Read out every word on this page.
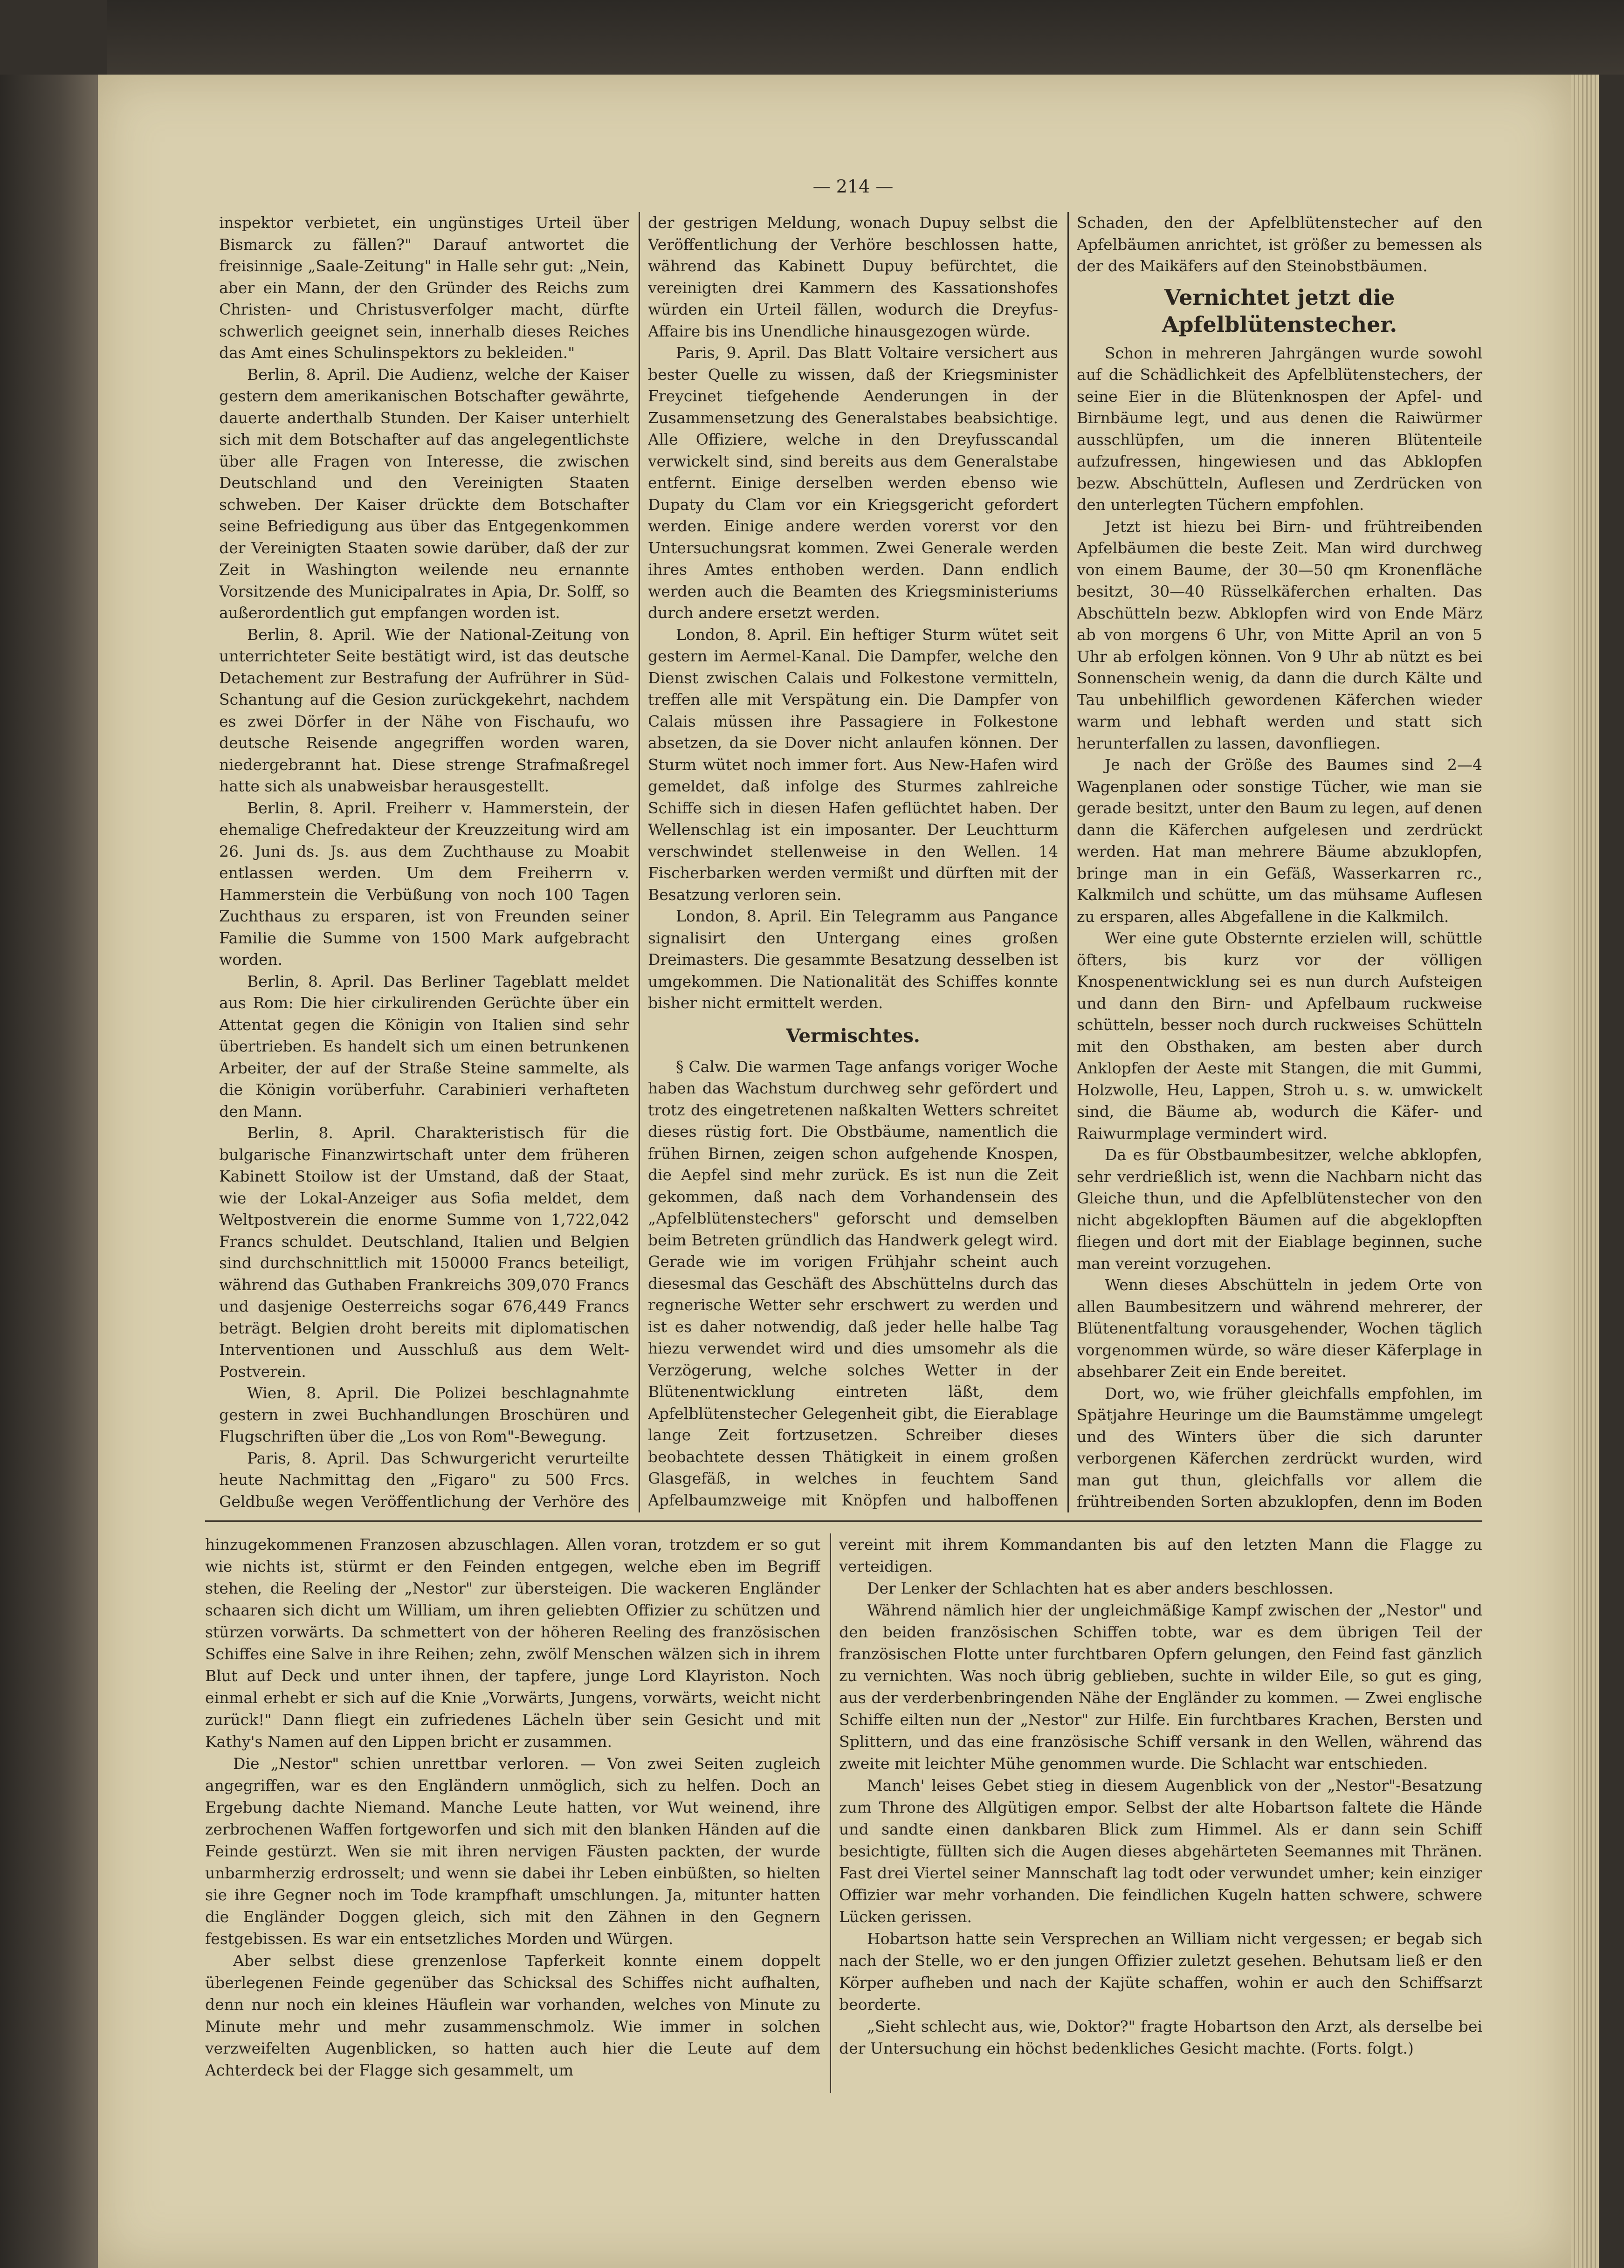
— 214 —

inspektor verbietet, ein ungünstiges Urteil über Bismarck zu fällen?" Darauf antwortet die freisinnige „Saale-Zeitung" in Halle sehr gut: „Nein, aber ein Mann, der den Gründer des Reichs zum Christen- und Christusverfolger macht, dürfte schwerlich geeignet sein, innerhalb dieses Reiches das Amt eines Schulinspektors zu bekleiden."

Berlin, 8. April. Die Audienz, welche der Kaiser gestern dem amerikanischen Botschafter gewährte, dauerte anderthalb Stunden. Der Kaiser unterhielt sich mit dem Botschafter auf das angelegentlichste über alle Fragen von Interesse, die zwischen Deutschland und den Vereinigten Staaten schweben. Der Kaiser drückte dem Botschafter seine Befriedigung aus über das Entgegenkommen der Vereinigten Staaten sowie darüber, daß der zur Zeit in Washington weilende neu ernannte Vorsitzende des Municipalrates in Apia, Dr. Solff, so außerordentlich gut empfangen worden ist.

Berlin, 8. April. Wie der National-Zeitung von unterrichteter Seite bestätigt wird, ist das deutsche Detachement zur Bestrafung der Aufrührer in Süd-Schantung auf die Gesion zurückgekehrt, nachdem es zwei Dörfer in der Nähe von Fischaufu, wo deutsche Reisende angegriffen worden waren, niedergebrannt hat. Diese strenge Strafmaßregel hatte sich als unabweisbar herausgestellt.

Berlin, 8. April. Freiherr v. Hammerstein, der ehemalige Chefredakteur der Kreuzzeitung wird am 26. Juni ds. Js. aus dem Zuchthause zu Moabit entlassen werden. Um dem Freiherrn v. Hammerstein die Verbüßung von noch 100 Tagen Zuchthaus zu ersparen, ist von Freunden seiner Familie die Summe von 1500 Mark aufgebracht worden.

Berlin, 8. April. Das Berliner Tageblatt meldet aus Rom: Die hier cirkulirenden Gerüchte über ein Attentat gegen die Königin von Italien sind sehr übertrieben. Es handelt sich um einen betrunkenen Arbeiter, der auf der Straße Steine sammelte, als die Königin vorüberfuhr. Carabinieri verhafteten den Mann.

Berlin, 8. April. Charakteristisch für die bulgarische Finanzwirtschaft unter dem früheren Kabinett Stoilow ist der Umstand, daß der Staat, wie der Lokal-Anzeiger aus Sofia meldet, dem Weltpostverein die enorme Summe von 1,722,042 Francs schuldet. Deutschland, Italien und Belgien sind durchschnittlich mit 150000 Francs beteiligt, während das Guthaben Frankreichs 309,070 Francs und dasjenige Oesterreichs sogar 676,449 Francs beträgt. Belgien droht bereits mit diplomatischen Interventionen und Ausschluß aus dem Welt-Postverein.

Wien, 8. April. Die Polizei beschlagnahmte gestern in zwei Buchhandlungen Broschüren und Flugschriften über die „Los von Rom"-Bewegung.

Paris, 8. April. Das Schwurgericht verurteilte heute Nachmittag den „Figaro" zu 500 Frcs. Geldbuße wegen Veröffentlichung der Verhöre des

der gestrigen Meldung, wonach Dupuy selbst die Veröffentlichung der Verhöre beschlossen hatte, während das Kabinett Dupuy befürchtet, die vereinigten drei Kammern des Kassationshofes würden ein Urteil fällen, wodurch die Dreyfus-Affaire bis ins Unendliche hinausgezogen würde.

Paris, 9. April. Das Blatt Voltaire versichert aus bester Quelle zu wissen, daß der Kriegsminister Freycinet tiefgehende Aenderungen in der Zusammensetzung des Generalstabes beabsichtige. Alle Offiziere, welche in den Dreyfusscandal verwickelt sind, sind bereits aus dem Generalstabe entfernt. Einige derselben werden ebenso wie Dupaty du Clam vor ein Kriegsgericht gefordert werden. Einige andere werden vorerst vor den Untersuchungsrat kommen. Zwei Generale werden ihres Amtes enthoben werden. Dann endlich werden auch die Beamten des Kriegsministeriums durch andere ersetzt werden.

London, 8. April. Ein heftiger Sturm wütet seit gestern im Aermel-Kanal. Die Dampfer, welche den Dienst zwischen Calais und Folkestone vermitteln, treffen alle mit Verspätung ein. Die Dampfer von Calais müssen ihre Passagiere in Folkestone absetzen, da sie Dover nicht anlaufen können. Der Sturm wütet noch immer fort. Aus New-Hafen wird gemeldet, daß infolge des Sturmes zahlreiche Schiffe sich in diesen Hafen geflüchtet haben. Der Wellenschlag ist ein imposanter. Der Leuchtturm verschwindet stellenweise in den Wellen. 14 Fischerbarken werden vermißt und dürften mit der Besatzung verloren sein.

London, 8. April. Ein Telegramm aus Pangance signalisirt den Untergang eines großen Dreimasters. Die gesammte Besatzung desselben ist umgekommen. Die Nationalität des Schiffes konnte bisher nicht ermittelt werden.

Vermischtes.

§ Calw. Die warmen Tage anfangs voriger Woche haben das Wachstum durchweg sehr gefördert und trotz des eingetretenen naßkalten Wetters schreitet dieses rüstig fort. Die Obstbäume, namentlich die frühen Birnen, zeigen schon aufgehende Knospen, die Aepfel sind mehr zurück. Es ist nun die Zeit gekommen, daß nach dem Vorhandensein des „Apfelblütenstechers" geforscht und demselben beim Betreten gründlich das Handwerk gelegt wird. Gerade wie im vorigen Frühjahr scheint auch diesesmal das Geschäft des Abschüttelns durch das regnerische Wetter sehr erschwert zu werden und ist es daher notwendig, daß jeder helle halbe Tag hiezu verwendet wird und dies umsomehr als die Verzögerung, welche solches Wetter in der Blütenentwicklung eintreten läßt, dem Apfelblütenstecher Gelegenheit gibt, die Eierablage lange Zeit fortzusetzen. Schreiber dieses beobachtete dessen Thätigkeit in einem großen Glasgefäß, in welches in feuchtem Sand Apfelbaumzweige mit Knöpfen und halboffenen

Schaden, den der Apfelblütenstecher auf den Apfelbäumen anrichtet, ist größer zu bemessen als der des Maikäfers auf den Steinobstbäumen.

Vernichtet jetzt die Apfelblütenstecher.

Schon in mehreren Jahrgängen wurde sowohl auf die Schädlichkeit des Apfelblütenstechers, der seine Eier in die Blütenknospen der Apfel- und Birnbäume legt, und aus denen die Raiwürmer ausschlüpfen, um die inneren Blütenteile aufzufressen, hingewiesen und das Abklopfen bezw. Abschütteln, Auflesen und Zerdrücken von den unterlegten Tüchern empfohlen.

Jetzt ist hiezu bei Birn- und frühtreibenden Apfelbäumen die beste Zeit. Man wird durchweg von einem Baume, der 30—50 qm Kronenfläche besitzt, 30—40 Rüsselkäferchen erhalten. Das Abschütteln bezw. Abklopfen wird von Ende März ab von morgens 6 Uhr, von Mitte April an von 5 Uhr ab erfolgen können. Von 9 Uhr ab nützt es bei Sonnenschein wenig, da dann die durch Kälte und Tau unbehilflich gewordenen Käferchen wieder warm und lebhaft werden und statt sich herunterfallen zu lassen, davonfliegen.

Je nach der Größe des Baumes sind 2—4 Wagenplanen oder sonstige Tücher, wie man sie gerade besitzt, unter den Baum zu legen, auf denen dann die Käferchen aufgelesen und zerdrückt werden. Hat man mehrere Bäume abzuklopfen, bringe man in ein Gefäß, Wasserkarren rc., Kalkmilch und schütte, um das mühsame Auflesen zu ersparen, alles Abgefallene in die Kalkmilch.

Wer eine gute Obsternte erzielen will, schüttle öfters, bis kurz vor der völligen Knospenentwicklung sei es nun durch Aufsteigen und dann den Birn- und Apfelbaum ruckweise schütteln, besser noch durch ruckweises Schütteln mit den Obsthaken, am besten aber durch Anklopfen der Aeste mit Stangen, die mit Gummi, Holzwolle, Heu, Lappen, Stroh u. s. w. umwickelt sind, die Bäume ab, wodurch die Käfer- und Raiwurmplage vermindert wird.

Da es für Obstbaumbesitzer, welche abklopfen, sehr verdrießlich ist, wenn die Nachbarn nicht das Gleiche thun, und die Apfelblütenstecher von den nicht abgeklopften Bäumen auf die abgeklopften fliegen und dort mit der Eiablage beginnen, suche man vereint vorzugehen.

Wenn dieses Abschütteln in jedem Orte von allen Baumbesitzern und während mehrerer, der Blütenentfaltung vorausgehender, Wochen täglich vorgenommen würde, so wäre dieser Käferplage in absehbarer Zeit ein Ende bereitet.

Dort, wo, wie früher gleichfalls empfohlen, im Spätjahre Heuringe um die Baumstämme umgelegt und des Winters über die sich darunter verborgenen Käferchen zerdrückt wurden, wird man gut thun, gleichfalls vor allem die frühtreibenden Sorten abzuklopfen, denn im Boden

hinzugekommenen Franzosen abzuschlagen. Allen voran, trotzdem er so gut wie nichts ist, stürmt er den Feinden entgegen, welche eben im Begriff stehen, die Reeling der „Nestor" zur übersteigen. Die wackeren Engländer schaaren sich dicht um William, um ihren geliebten Offizier zu schützen und stürzen vorwärts. Da schmettert von der höheren Reeling des französischen Schiffes eine Salve in ihre Reihen; zehn, zwölf Menschen wälzen sich in ihrem Blut auf Deck und unter ihnen, der tapfere, junge Lord Klayriston. Noch einmal erhebt er sich auf die Knie „Vorwärts, Jungens, vorwärts, weicht nicht zurück!" Dann fliegt ein zufriedenes Lächeln über sein Gesicht und mit Kathy's Namen auf den Lippen bricht er zusammen.

Die „Nestor" schien unrettbar verloren. — Von zwei Seiten zugleich angegriffen, war es den Engländern unmöglich, sich zu helfen. Doch an Ergebung dachte Niemand. Manche Leute hatten, vor Wut weinend, ihre zerbrochenen Waffen fortgeworfen und sich mit den blanken Händen auf die Feinde gestürzt. Wen sie mit ihren nervigen Fäusten packten, der wurde unbarmherzig erdrosselt; und wenn sie dabei ihr Leben einbüßten, so hielten sie ihre Gegner noch im Tode krampfhaft umschlungen. Ja, mitunter hatten die Engländer Doggen gleich, sich mit den Zähnen in den Gegnern festgebissen. Es war ein entsetzliches Morden und Würgen.

Aber selbst diese grenzenlose Tapferkeit konnte einem doppelt überlegenen Feinde gegenüber das Schicksal des Schiffes nicht aufhalten, denn nur noch ein kleines Häuflein war vorhanden, welches von Minute zu Minute mehr und mehr zusammenschmolz. Wie immer in solchen verzweifelten Augenblicken, so hatten auch hier die Leute auf dem Achterdeck bei der Flagge sich gesammelt, um

vereint mit ihrem Kommandanten bis auf den letzten Mann die Flagge zu verteidigen.

Der Lenker der Schlachten hat es aber anders beschlossen.

Während nämlich hier der ungleichmäßige Kampf zwischen der „Nestor" und den beiden französischen Schiffen tobte, war es dem übrigen Teil der französischen Flotte unter furchtbaren Opfern gelungen, den Feind fast gänzlich zu vernichten. Was noch übrig geblieben, suchte in wilder Eile, so gut es ging, aus der verderbenbringenden Nähe der Engländer zu kommen. — Zwei englische Schiffe eilten nun der „Nestor" zur Hilfe. Ein furchtbares Krachen, Bersten und Splittern, und das eine französische Schiff versank in den Wellen, während das zweite mit leichter Mühe genommen wurde. Die Schlacht war entschieden.

Manch' leises Gebet stieg in diesem Augenblick von der „Nestor"-Besatzung zum Throne des Allgütigen empor. Selbst der alte Hobartson faltete die Hände und sandte einen dankbaren Blick zum Himmel. Als er dann sein Schiff besichtigte, füllten sich die Augen dieses abgehärteten Seemannes mit Thränen. Fast drei Viertel seiner Mannschaft lag todt oder verwundet umher; kein einziger Offizier war mehr vorhanden. Die feindlichen Kugeln hatten schwere, schwere Lücken gerissen.

Hobartson hatte sein Versprechen an William nicht vergessen; er begab sich nach der Stelle, wo er den jungen Offizier zuletzt gesehen. Behutsam ließ er den Körper aufheben und nach der Kajüte schaffen, wohin er auch den Schiffsarzt beorderte.

„Sieht schlecht aus, wie, Doktor?" fragte Hobartson den Arzt, als derselbe bei der Untersuchung ein höchst bedenkliches Gesicht machte. (Forts. folgt.)
